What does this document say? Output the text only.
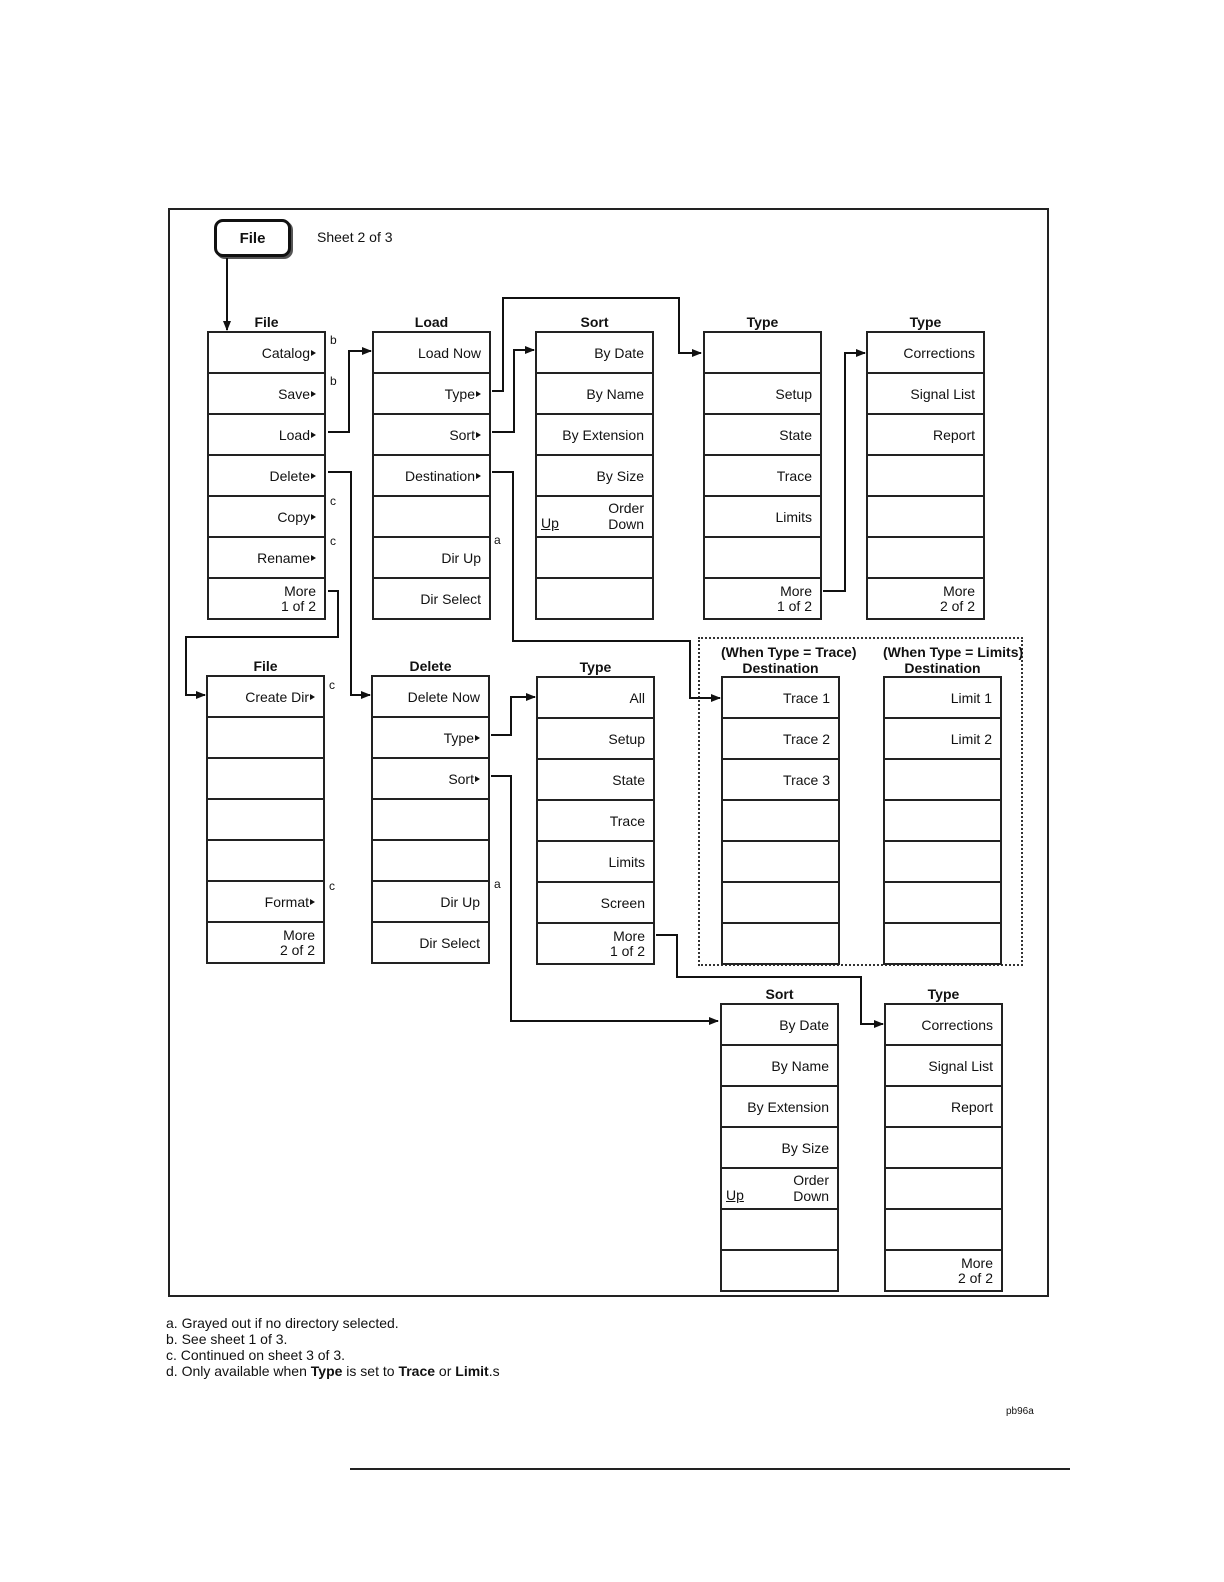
File	Sheet 2 of 3
File
Catalog
Save
Load
Delete
Copy
Rename
More
1 of 2
Load
Load Now
Type
Sort
Destination
Dir Up
Dir Select
Sort
By Date
By Name
By Extension
By Size
Up
Order
Down
Type
Setup
State
Trace
Limits
More
1 of 2
Type
Corrections
Signal List
Report
More
2 of 2
File
Create Dir
Format
More
2 of 2
Delete
Delete Now
Type
Sort
Dir Up
Dir Select
Type
All
Setup
State
Trace
Limits
Screen
More
1 of 2
(When Type = Trace)
Destination
Trace 1
Trace 2
Trace 3
(When Type = Limits)
Destination
Limit 1
Limit 2
Sort
By Date
By Name
By Extension
By Size
Up
Order
Down
Type
Corrections
Signal List
Report
More
2 of 2
b
b
c
c	a
c
c	a
a. Grayed out if no directory selected.
b. See sheet 1 of 3.
c. Continued on sheet 3 of 3.
d. Only available when Type is set to Trace or Limit.s
pb96a
